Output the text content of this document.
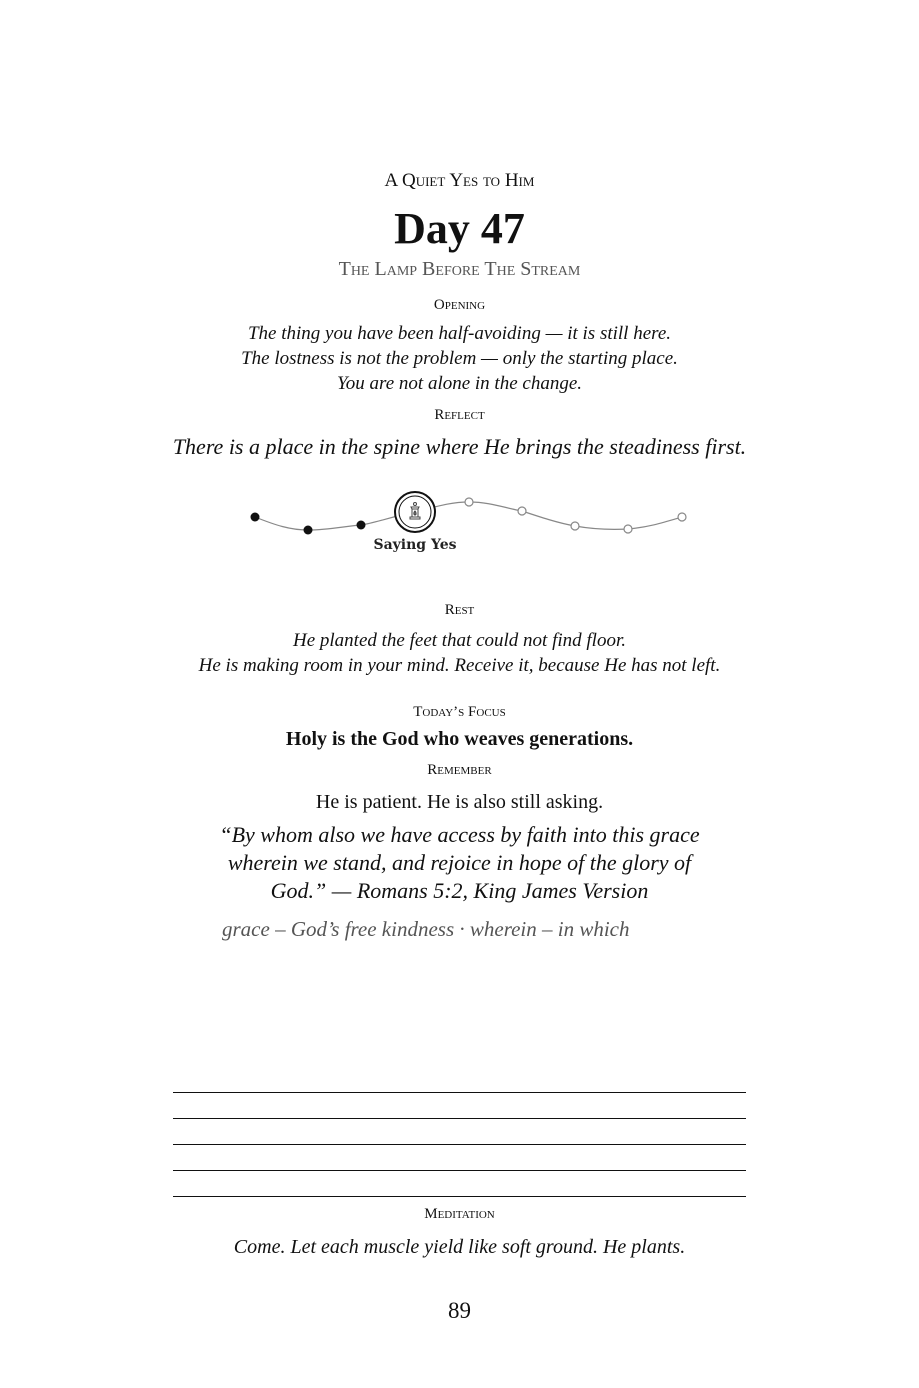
A Quiet Yes to Him
Day 47
The Lamp Before The Stream
Opening
The thing you have been half-avoiding — it is still here.
The lostness is not the problem — only the starting place.
You are not alone in the change.
Reflect
There is a place in the spine where He brings the steadiness first.
Saying Yes
Rest
He planted the feet that could not find floor.
He is making room in your mind. Receive it, because He has not left.
Today’s Focus
Holy is the God who weaves generations.
Remember
He is patient. He is also still asking.
“By whom also we have access by faith into this grace
wherein we stand, and rejoice in hope of the glory of
God.” — Romans 5:2, King James Version
grace – God’s free kindness · wherein – in which
Meditation
Come. Let each muscle yield like soft ground. He plants.
89
